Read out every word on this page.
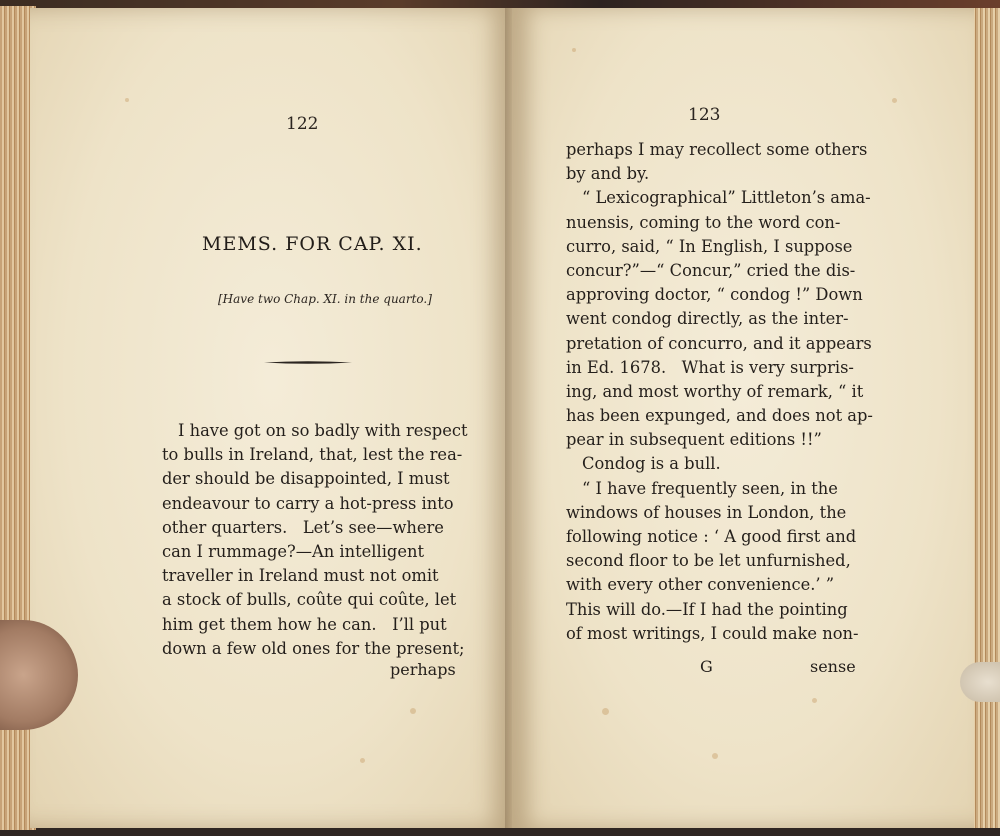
122
MEMS. FOR CAP. XI.
[Have two Chap. XI. in the quarto.]
I have got on so badly with respect
to bulls in Ireland, that, lest the rea-
der should be disappointed, I must
endeavour to carry a hot-press into
other quarters.   Let’s see—where
can I rummage?—An intelligent
traveller in Ireland must not omit
a stock of bulls, coûte qui coûte, let
him get them how he can.   I’ll put
down a few old ones for the present;
perhaps
123
perhaps I may recollect some others
by and by.
“ Lexicographical” Littleton’s ama-
nuensis, coming to the word con-
curro, said, “ In English, I suppose
concur?”—“ Concur,” cried the dis-
approving doctor, “ condog !” Down
went condog directly, as the inter-
pretation of concurro, and it appears
in Ed. 1678.   What is very surpris-
ing, and most worthy of remark, “ it
has been expunged, and does not ap-
pear in subsequent editions !!”
Condog is a bull.
“ I have frequently seen, in the
windows of houses in London, the
following notice : ‘ A good first and
second floor to be let unfurnished,
with every other convenience.’ ”
This will do.—If I had the pointing
of most writings, I could make non-
G	sense
